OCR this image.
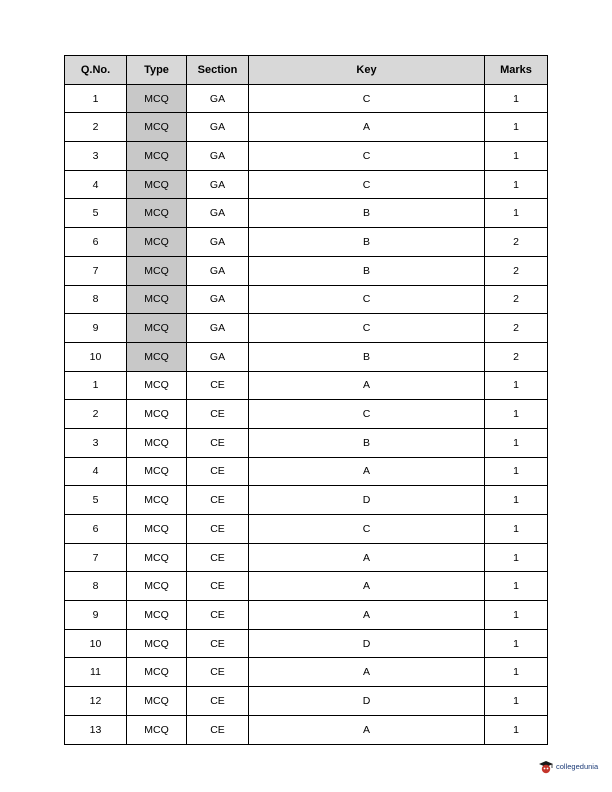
Q.No.	Type	Section	Key	Marks
1	MCQ	GA	C	1
2	MCQ	GA	A	1
3	MCQ	GA	C	1
4	MCQ	GA	C	1
5	MCQ	GA	B	1
6	MCQ	GA	B	2
7	MCQ	GA	B	2
8	MCQ	GA	C	2
9	MCQ	GA	C	2
10	MCQ	GA	B	2
1	MCQ	CE	A	1
2	MCQ	CE	C	1
3	MCQ	CE	B	1
4	MCQ	CE	A	1
5	MCQ	CE	D	1
6	MCQ	CE	C	1
7	MCQ	CE	A	1
8	MCQ	CE	A	1
9	MCQ	CE	A	1
10	MCQ	CE	D	1
11	MCQ	CE	A	1
12	MCQ	CE	D	1
13	MCQ	CE	A	1
collegedunia
